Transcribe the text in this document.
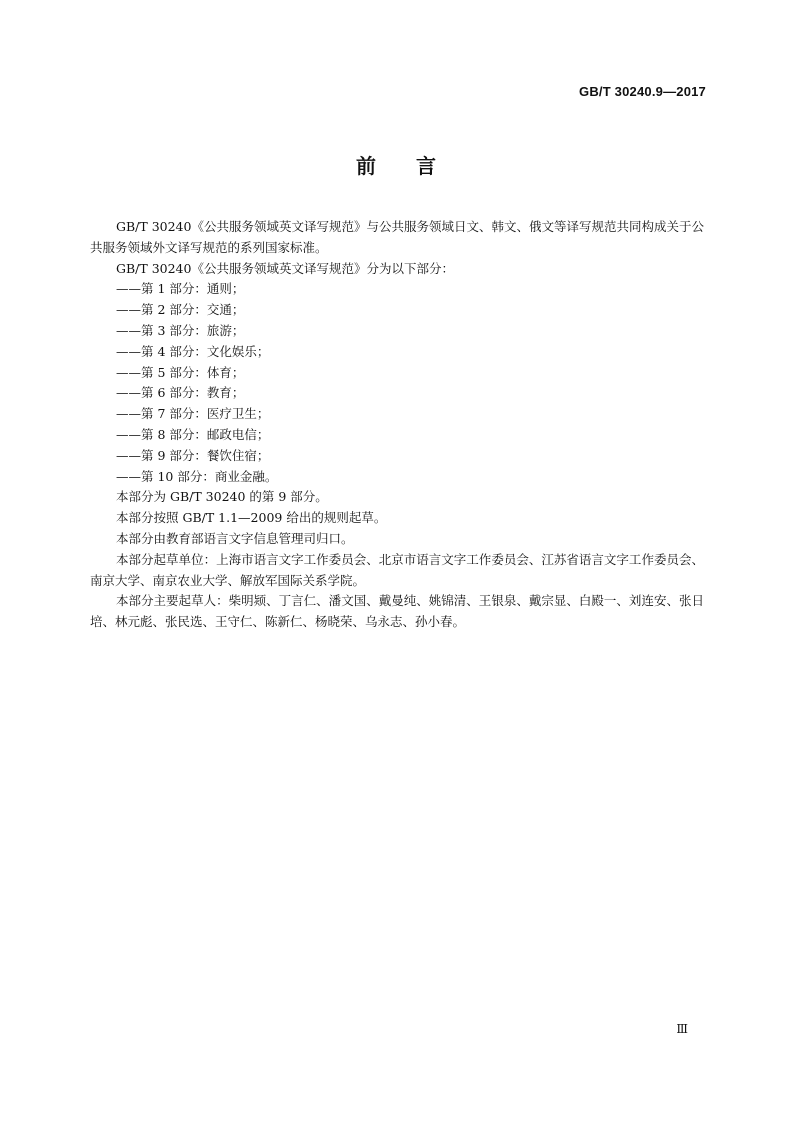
GB/T 30240.9—2017
前 言

GB/T 30240《公共服务领域英文译写规范》与公共服务领域日文、韩文、俄文等译写规范共同构成关于公共服务领域外文译写规范的系列国家标准。

GB/T 30240《公共服务领域英文译写规范》分为以下部分：

——第 1 部分：通则；

——第 2 部分：交通；

——第 3 部分：旅游；

——第 4 部分：文化娱乐；

——第 5 部分：体育；

——第 6 部分：教育；

——第 7 部分：医疗卫生；

——第 8 部分：邮政电信；

——第 9 部分：餐饮住宿；

——第 10 部分：商业金融。

本部分为 GB/T 30240 的第 9 部分。

本部分按照 GB/T 1.1—2009 给出的规则起草。

本部分由教育部语言文字信息管理司归口。

本部分起草单位：上海市语言文字工作委员会、北京市语言文字工作委员会、江苏省语言文字工作委员会、南京大学、南京农业大学、解放军国际关系学院。

本部分主要起草人：柴明颎、丁言仁、潘文国、戴曼纯、姚锦清、王银泉、戴宗显、白殿一、刘连安、张日培、林元彪、张民选、王守仁、陈新仁、杨晓荣、乌永志、孙小春。

Ⅲ
